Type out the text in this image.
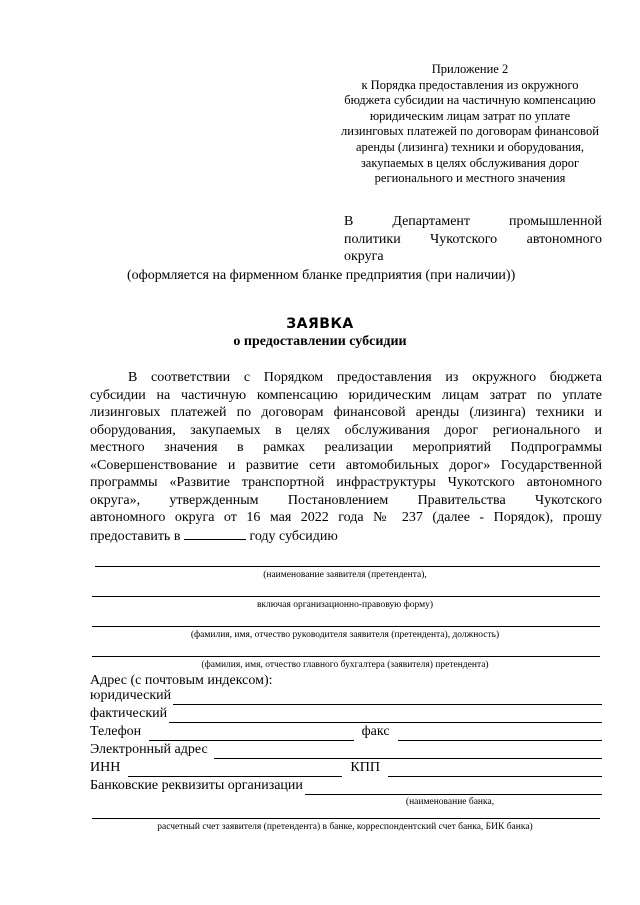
Приложение 2
к Порядка предоставления из окружного
бюджета субсидии на частичную компенсацию
юридическим лицам затрат по уплате
лизинговых платежей по договорам финансовой
аренды (лизинга) техники и оборудования,
закупаемых в целях обслуживания дорог
регионального и местного значения
В Департамент промышленной
политики Чукотского автономного
округа
(оформляется на фирменном бланке предприятия (при наличии))
ЗАЯВКА
о предоставлении субсидии
В соответствии с Порядком предоставления из окружного бюджета
субсидии на частичную компенсацию юридическим лицам затрат по уплате
лизинговых платежей по договорам финансовой аренды (лизинга) техники и
оборудования, закупаемых в целях обслуживания дорог регионального и
местного значения в рамках реализации мероприятий Подпрограммы
«Совершенствование и развитие сети автомобильных дорог» Государственной
программы «Развитие транспортной инфраструктуры Чукотского автономного
округа», утвержденным Постановлением Правительства Чукотского
автономного округа от 16 мая 2022 года № 237 (далее - Порядок), прошу
предоставить в	году субсидию
(наименование заявителя (претендента),
включая организационно-правовую форму)
(фамилия, имя, отчество руководителя заявителя (претендента), должность)
(фамилия, имя, отчество главного бухгалтера (заявителя) претендента)
Адрес (с почтовым индексом):
юридический
фактический
Телефон	факс
Электронный адрес
ИНН	КПП
Банковские реквизиты организации
(наименование банка,
расчетный счет заявителя (претендента) в банке, корреспондентский счет банка, БИК банка)
